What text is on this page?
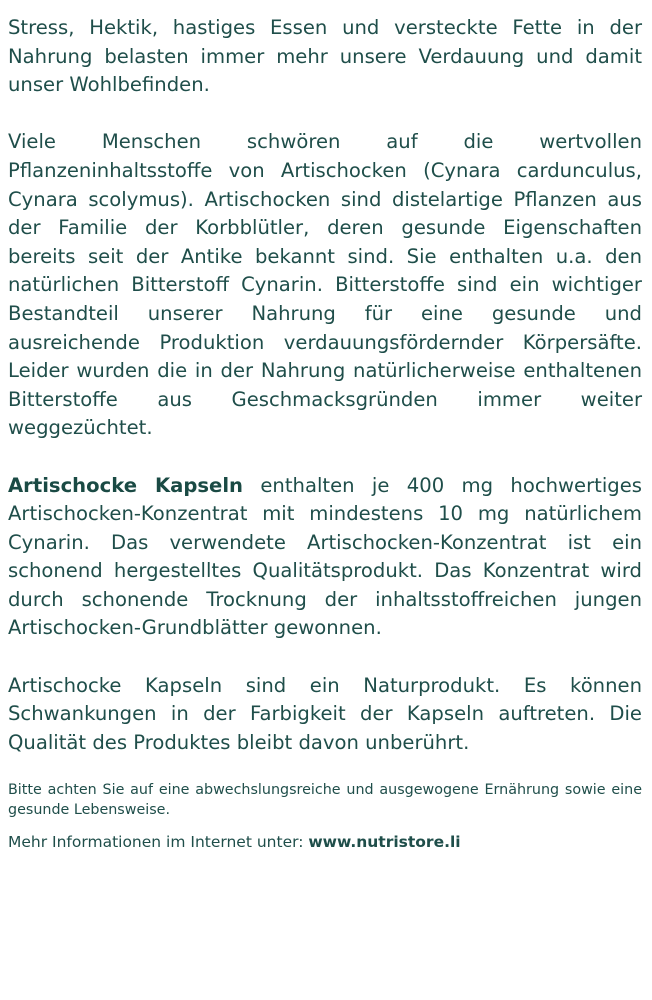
Stress, Hektik, hastiges Essen und versteckte Fette in der Nahrung belasten immer mehr unsere Verdauung und damit unser Wohlbefinden.

Viele Menschen schwören auf die wertvollen Pflanzeninhaltsstoffe von Artischocken (Cynara cardunculus, Cynara scolymus). Artischocken sind distelartige Pflanzen aus der Familie der Korbblütler, deren gesunde Eigenschaften bereits seit der Antike bekannt sind. Sie enthalten u.a. den natürlichen Bitterstoff Cynarin. Bitterstoffe sind ein wichtiger Bestandteil unserer Nahrung für eine gesunde und ausreichende Produktion verdauungsfördernder Körpersäfte. Leider wurden die in der Nahrung natürlicherweise enthaltenen Bitterstoffe aus Geschmacksgründen immer weiter weggezüchtet.

Artischocke Kapseln enthalten je 400 mg hochwertiges Artischocken-Konzentrat mit mindestens 10 mg natürlichem Cynarin. Das verwendete Artischocken-Konzentrat ist ein schonend hergestelltes Qualitätsprodukt. Das Konzentrat wird durch schonende Trocknung der inhaltsstoffreichen jungen Artischocken-Grundblätter gewonnen.

Artischocke Kapseln sind ein Naturprodukt. Es können Schwankungen in der Farbigkeit der Kapseln auftreten. Die Qualität des Produktes bleibt davon unberührt.

Bitte achten Sie auf eine abwechslungsreiche und ausgewogene Ernährung sowie eine gesunde Lebensweise.

Mehr Informationen im Internet unter: www.nutristore.li
